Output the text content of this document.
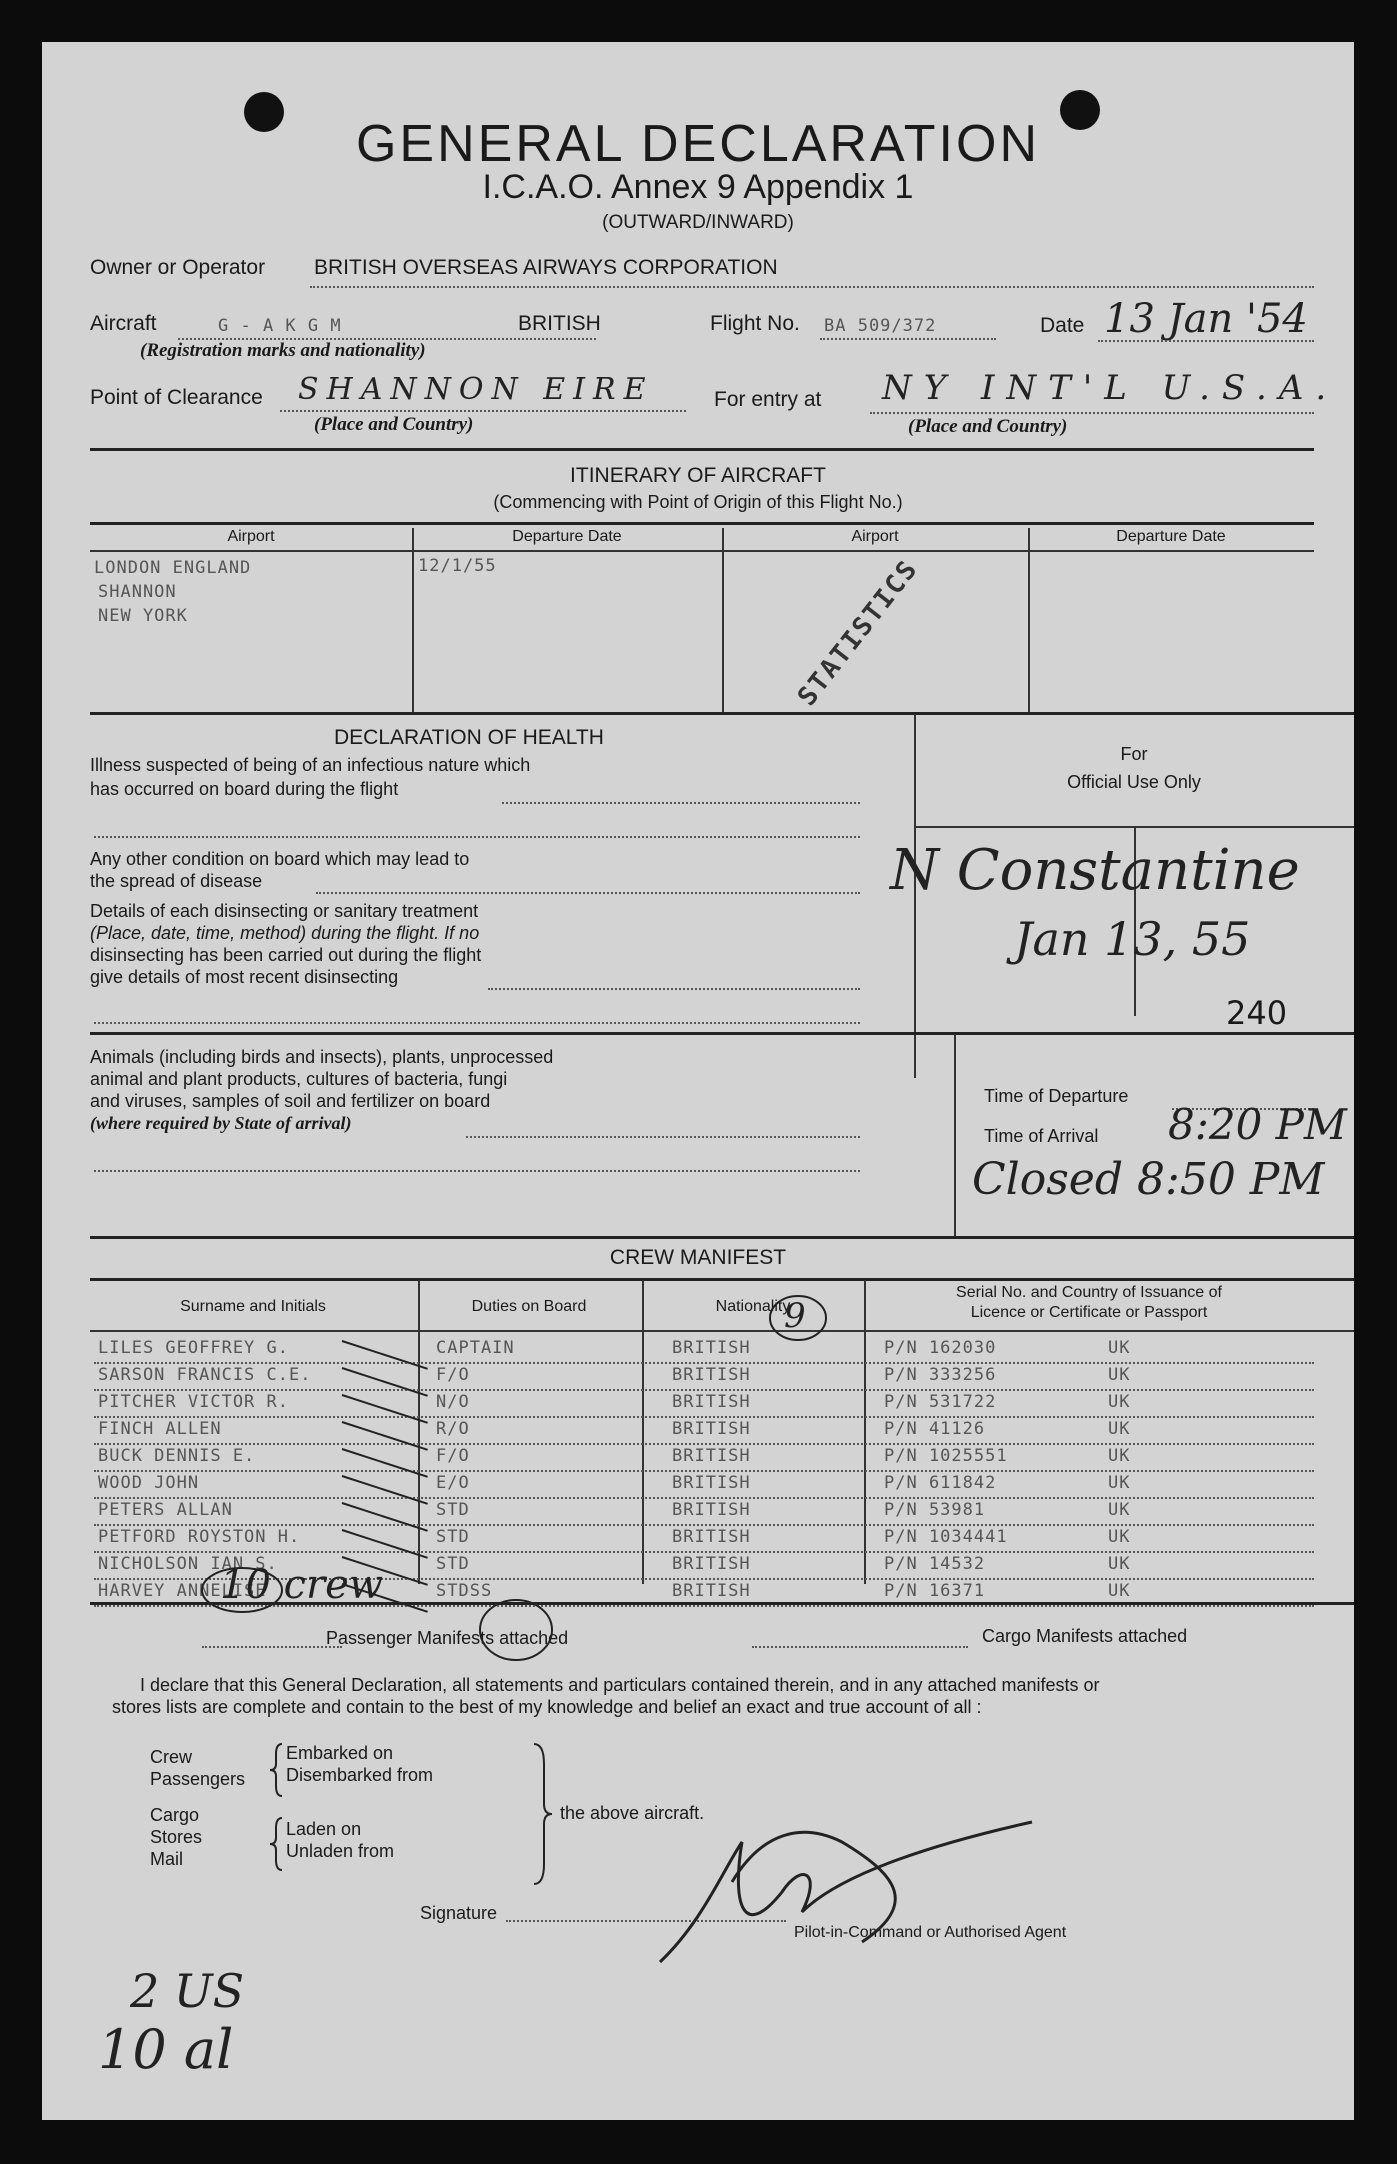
GENERAL DECLARATION
I.C.A.O. Annex 9 Appendix 1
(OUTWARD/INWARD)
Owner or Operator BRITISH OVERSEAS AIRWAYS CORPORATION
Aircraft	G - A K G M	BRITISH
(Registration marks and nationality)
Flight No. BA 509/372	Date 13 Jan '54
Point of Clearance SHANNON EIRE
(Place and Country)
For entry at NY INT'L U.S.A.
(Place and Country)
ITINERARY OF AIRCRAFT
(Commencing with Point of Origin of this Flight No.)
Airport	Departure Date	Airport	Departure Date
LONDON ENGLAND	12/1/55
SHANNON
NEW YORK	STATISTICS
DECLARATION OF HEALTH
Illness suspected of being of an infectious nature which
has occurred on board during the flight
Any other condition on board which may lead to
the spread of disease
Details of each disinsecting or sanitary treatment
(Place, date, time, method) during the flight. If no
disinsecting has been carried out during the flight
give details of most recent disinsecting
For
Official Use Only
N Constantine
Jan 13, 55
240
Animals (including birds and insects), plants, unprocessed
animal and plant products, cultures of bacteria, fungi
and viruses, samples of soil and fertilizer on board
(where required by State of arrival)
Time of Departure
Time of Arrival 8:20 PM
Closed 8:50 PM
CREW MANIFEST
Surname and Initials	Duties on Board	Nationality
Serial No. and Country of Issuance of
Licence or Certificate or Passport
LILES GEOFFREY G.	CAPTAIN	BRITISH	P/N 162030	UK
SARSON FRANCIS C.E.	F/O	BRITISH	P/N 333256	UK
PITCHER VICTOR R.	N/O	BRITISH	P/N 531722	UK
FINCH ALLEN	R/O	BRITISH	P/N 41126	UK
BUCK DENNIS E.	F/O	BRITISH	P/N 1025551	UK
WOOD JOHN	E/O	BRITISH	P/N 611842	UK
PETERS ALLAN	STD	BRITISH	P/N 53981	UK
PETFORD ROYSTON H.	STD	BRITISH	P/N 1034441	UK
NICHOLSON IAN S.	STD	BRITISH	P/N 14532	UK
HARVEY ANNELISE	STDSS	BRITISH	P/N 16371	UK
10 crew
9
Passenger Manifests attached	Cargo Manifests attached
I declare that this General Declaration, all statements and particulars contained therein, and in any attached manifests or
stores lists are complete and contain to the best of my knowledge and belief an exact and true account of all :
Crew
Passengers
Embarked on
Disembarked from
Cargo
Stores
Mail
Laden on
Unladen from
the above aircraft.
Signature
Pilot-in-Command or Authorised Agent
2 US
10 al
